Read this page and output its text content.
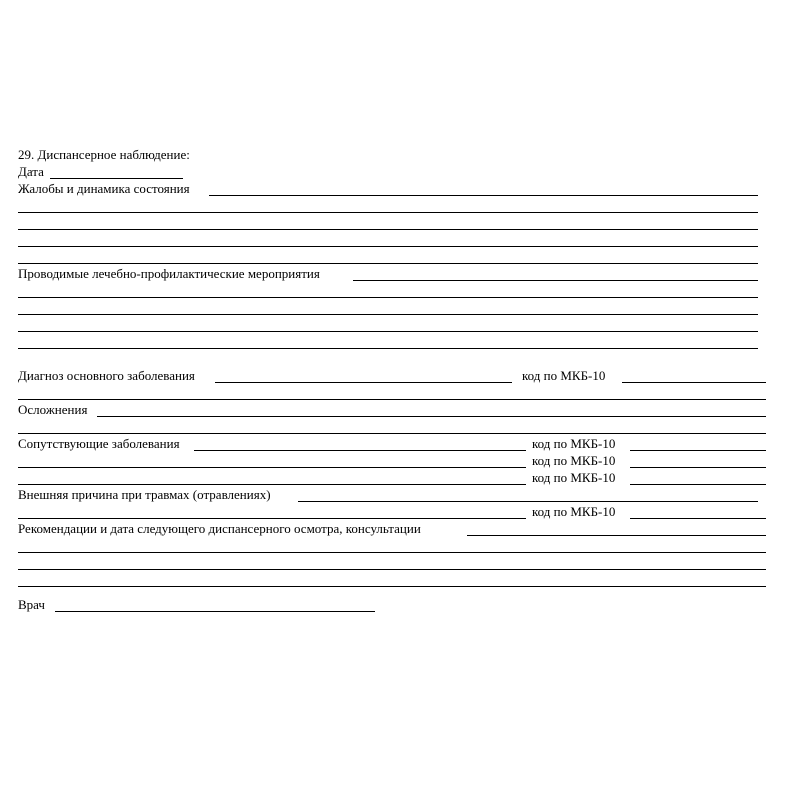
29. Диспансерное наблюдение:
Дата
Жалобы и динамика состояния
Проводимые лечебно-профилактические мероприятия
Диагноз основного заболевания	код по МКБ-10
Осложнения
Сопутствующие заболевания	код по МКБ-10
код по МКБ-10
код по МКБ-10
Внешняя причина при травмах (отравлениях)
код по МКБ-10
Рекомендации и дата следующего диспансерного осмотра, консультации
Врач
